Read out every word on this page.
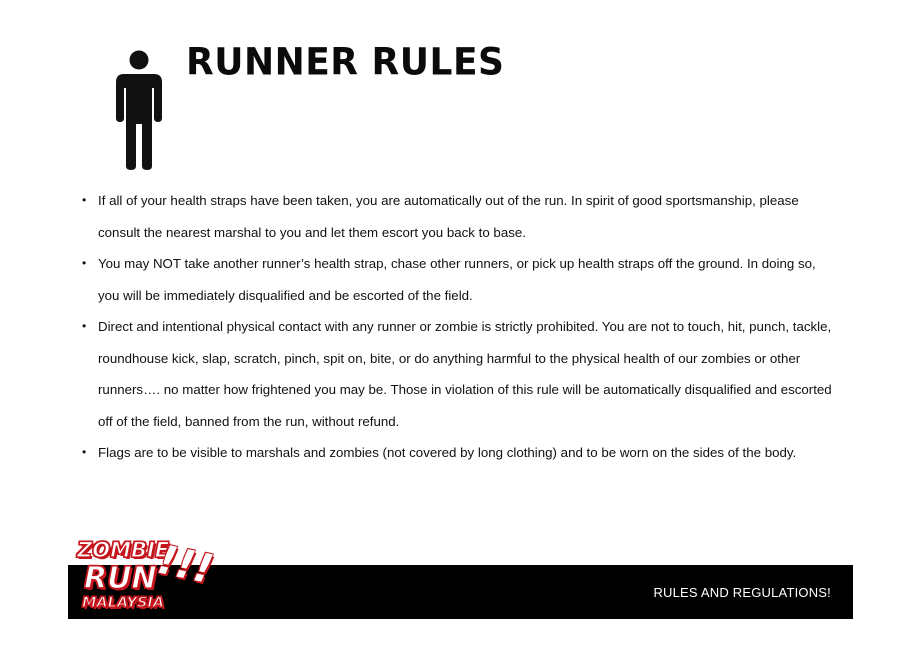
RUNNER RULES
• If all of your health straps have been taken, you are automatically out of the run. In spirit of good sportsmanship, please consult the nearest marshal to you and let them escort you back to base.
• You may NOT take another runner’s health strap, chase other runners, or pick up health straps off the ground. In doing so, you will be immediately disqualified and be escorted of the field.
• Direct and intentional physical contact with any runner or zombie is strictly prohibited. You are not to touch, hit, punch, tackle, roundhouse kick, slap, scratch, pinch, spit on, bite, or do anything harmful to the physical health of our zombies or other runners…. no matter how frightened you may be. Those in violation of this rule will be automatically disqualified and escorted off of the field, banned from the run, without refund.
• Flags are to be visible to marshals and zombies (not covered by long clothing) and to be worn on the sides of the body.
RULES AND REGULATIONS!
ZOMBIE
RUN
!!!
MALAYSIA
